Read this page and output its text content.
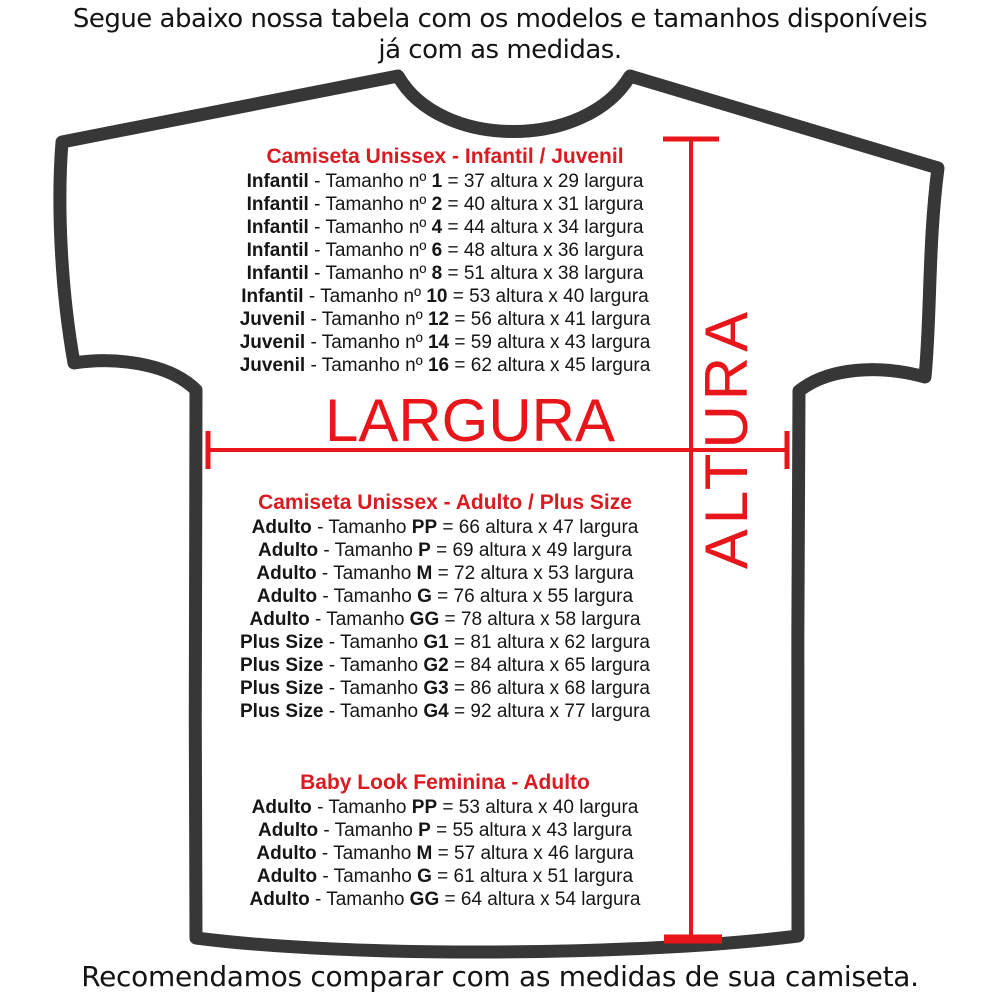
Segue abaixo nossa tabela com os modelos e tamanhos disponíveis
já com as medidas.
Camiseta Unissex - Infantil / Juvenil
Infantil - Tamanho nº 1 = 37 altura x 29 largura
Infantil - Tamanho nº 2 = 40 altura x 31 largura
Infantil - Tamanho nº 4 = 44 altura x 34 largura
Infantil - Tamanho nº 6 = 48 altura x 36 largura
Infantil - Tamanho nº 8 = 51 altura x 38 largura
Infantil - Tamanho nº 10 = 53 altura x 40 largura
Juvenil - Tamanho nº 12 = 56 altura x 41 largura
Juvenil - Tamanho nº 14 = 59 altura x 43 largura
Juvenil - Tamanho nº 16 = 62 altura x 45 largura
LARGURA	ALTURA
Camiseta Unissex - Adulto / Plus Size
Adulto - Tamanho PP = 66 altura x 47 largura
Adulto - Tamanho P = 69 altura x 49 largura
Adulto - Tamanho M = 72 altura x 53 largura
Adulto - Tamanho G = 76 altura x 55 largura
Adulto - Tamanho GG = 78 altura x 58 largura
Plus Size - Tamanho G1 = 81 altura x 62 largura
Plus Size - Tamanho G2 = 84 altura x 65 largura
Plus Size - Tamanho G3 = 86 altura x 68 largura
Plus Size - Tamanho G4 = 92 altura x 77 largura
Baby Look Feminina - Adulto
Adulto - Tamanho PP = 53 altura x 40 largura
Adulto - Tamanho P = 55 altura x 43 largura
Adulto - Tamanho M = 57 altura x 46 largura
Adulto - Tamanho G = 61 altura x 51 largura
Adulto - Tamanho GG = 64 altura x 54 largura
Recomendamos comparar com as medidas de sua camiseta.
